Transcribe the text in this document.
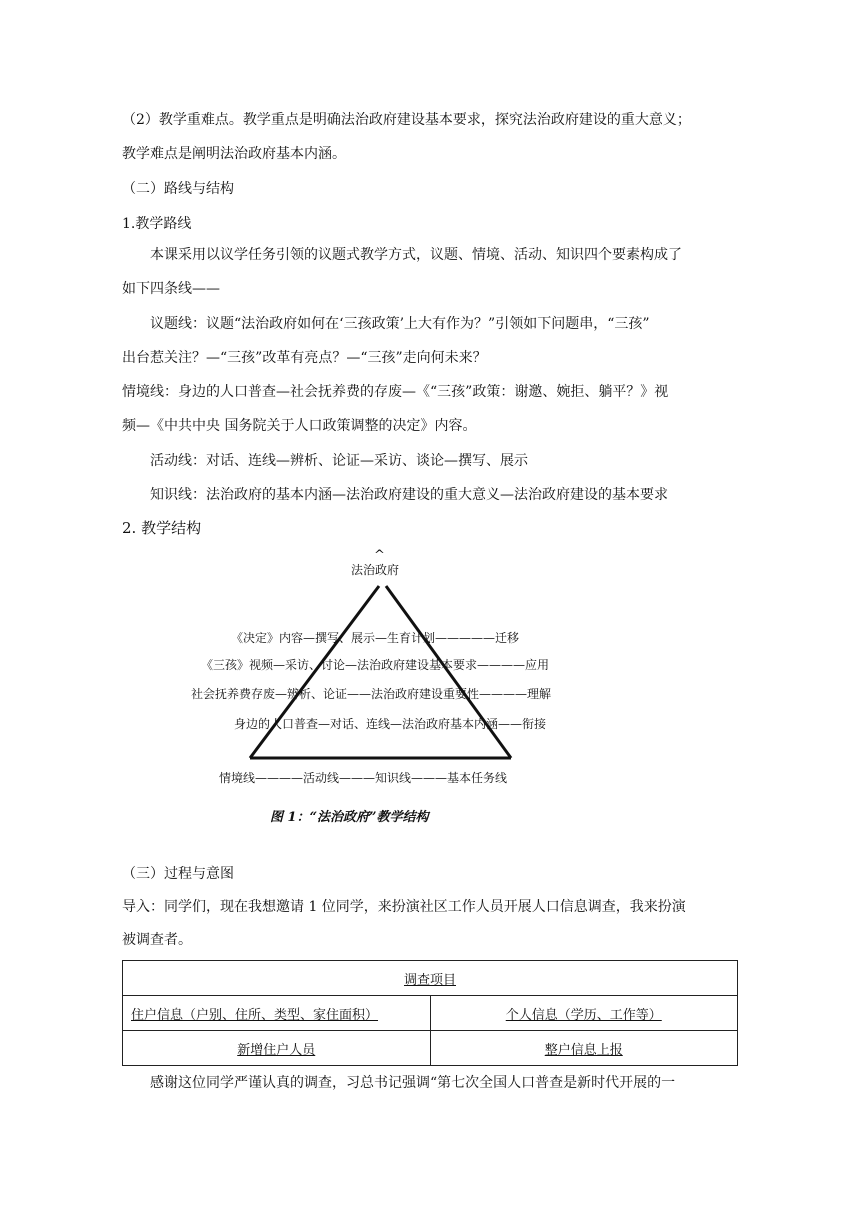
（2）教学重难点。教学重点是明确法治政府建设基本要求，探究法治政府建设的重大意义；
教学难点是阐明法治政府基本内涵。
（二）路线与结构
1.教学路线
本课采用以议学任务引领的议题式教学方式，议题、情境、活动、知识四个要素构成了
如下四条线——
议题线：议题“法治政府如何在‘三孩政策’上大有作为？”引领如下问题串，“三孩”
出台惹关注？—“三孩”改革有亮点？—“三孩”走向何未来？
情境线：身边的人口普查—社会抚养费的存废—《“三孩”政策：谢邀、婉拒、躺平？》视
频—《中共中央 国务院关于人口政策调整的决定》内容。
活动线：对话、连线—辨析、论证—采访、谈论—撰写、展示
知识线：法治政府的基本内涵—法治政府建设的重大意义—法治政府建设的基本要求
2. 教学结构
^
法治政府
《决定》内容—撰写、展示—生育计划—————迁移
《三孩》视频—采访、讨论—法治政府建设基本要求————应用
社会抚养费存废—辨析、论证——法治政府建设重要性————理解
身边的人口普查—对话、连线—法治政府基本内涵——衔接
情境线————活动线———知识线———基本任务线
图 1：“法治政府”教学结构
（三）过程与意图
导入：同学们，现在我想邀请 1 位同学，来扮演社区工作人员开展人口信息调查，我来扮演
被调查者。
调查项目	
住户信息（户别、住所、类型、家住面积）	个人信息（学历、工作等）
新增住户人员	整户信息上报
感谢这位同学严谨认真的调查，习总书记强调“第七次全国人口普查是新时代开展的一
